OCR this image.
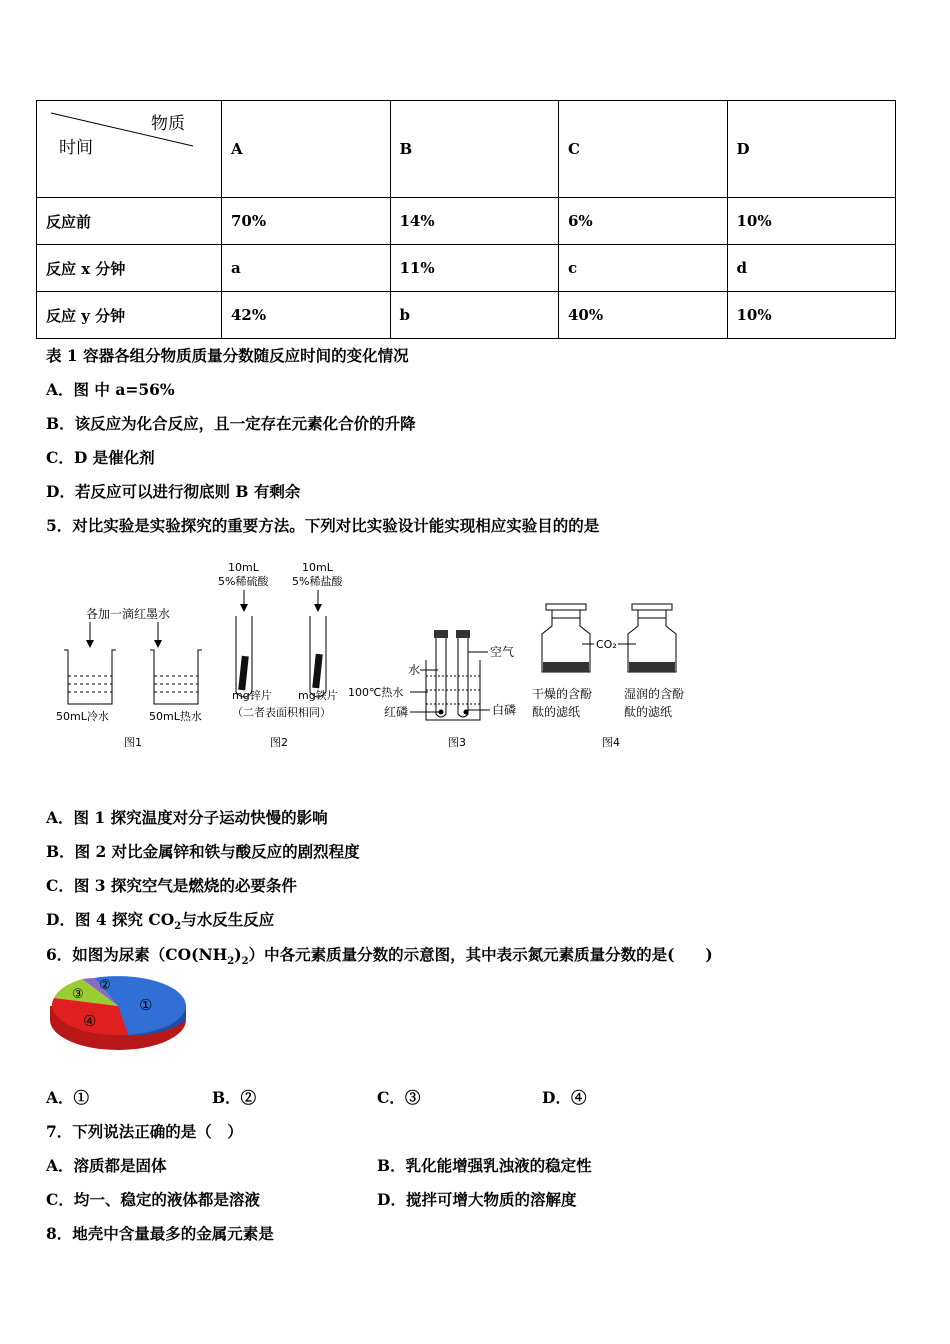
物质
时间	A	B	C	D
反应前	70%	14%	6%	10%
反应 x 分钟	a	11%	c	d
反应 y 分钟	42%	b	40%	10%
表 1 容器各组分物质质量分数随反应时间的变化情况
A．图 中 a=56%
B．该反应为化合反应，且一定存在元素化合价的升降
C．D 是催化剂
D．若反应可以进行彻底则 B 有剩余
5．对比实验是实验探究的重要方法。下列对比实验设计能实现相应实验目的的是
各加一滴红墨水
50mL冷水	50mL热水
图1
10mL
5%稀硫酸
10mL
5%稀盐酸
mg锌片 mg铁片
（二者表面积相同）
图2
水
100℃热水
红磷
空气
白磷
图3
CO₂
干燥的含酚
酞的滤纸
湿润的含酚
酞的滤纸
图4
A．图 1 探究温度对分子运动快慢的影响
B．图 2 对比金属锌和铁与酸反应的剧烈程度
C．图 3 探究空气是燃烧的必要条件
D．图 4 探究 $CO_2$与水反生反应
6．如图为尿素$(CO(NH_2)_2)$中各元素质量分数的示意图，其中表示氮元素质量分数的是(　　)
①
②
③
④
A．①	B．②	C．③	D．④
7．下列说法正确的是（　）
A．溶质都是固体	B．乳化能增强乳浊液的稳定性
C．均一、稳定的液体都是溶液	D．搅拌可增大物质的溶解度
8．地壳中含量最多的金属元素是
